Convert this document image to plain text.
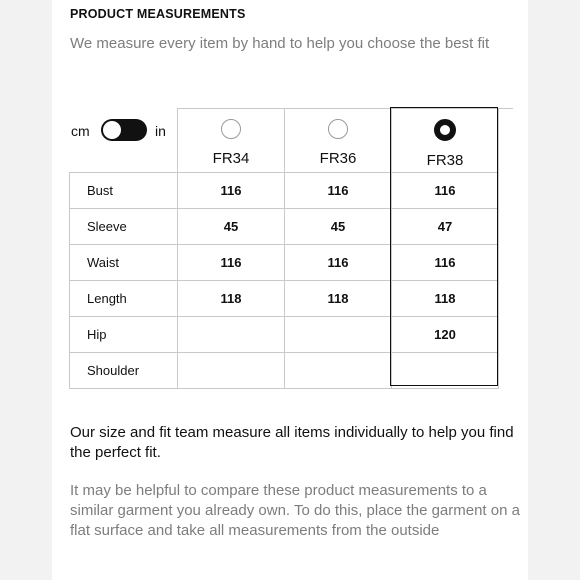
PRODUCT MEASUREMENTS
We measure every item by hand to help you choose the best fit
cm	in

	FR34	FR36	FR38	

Bust	116	116	116	
Sleeve	45	45	47	
Waist	116	116	116	
Length	118	118	118	
Hip			120	
Shoulder				
Our size and fit team measure all items individually to help you find the perfect fit.
It may be helpful to compare these product measurements to a similar garment you already own. To do this, place the garment on a flat surface and take all measurements from the outside
